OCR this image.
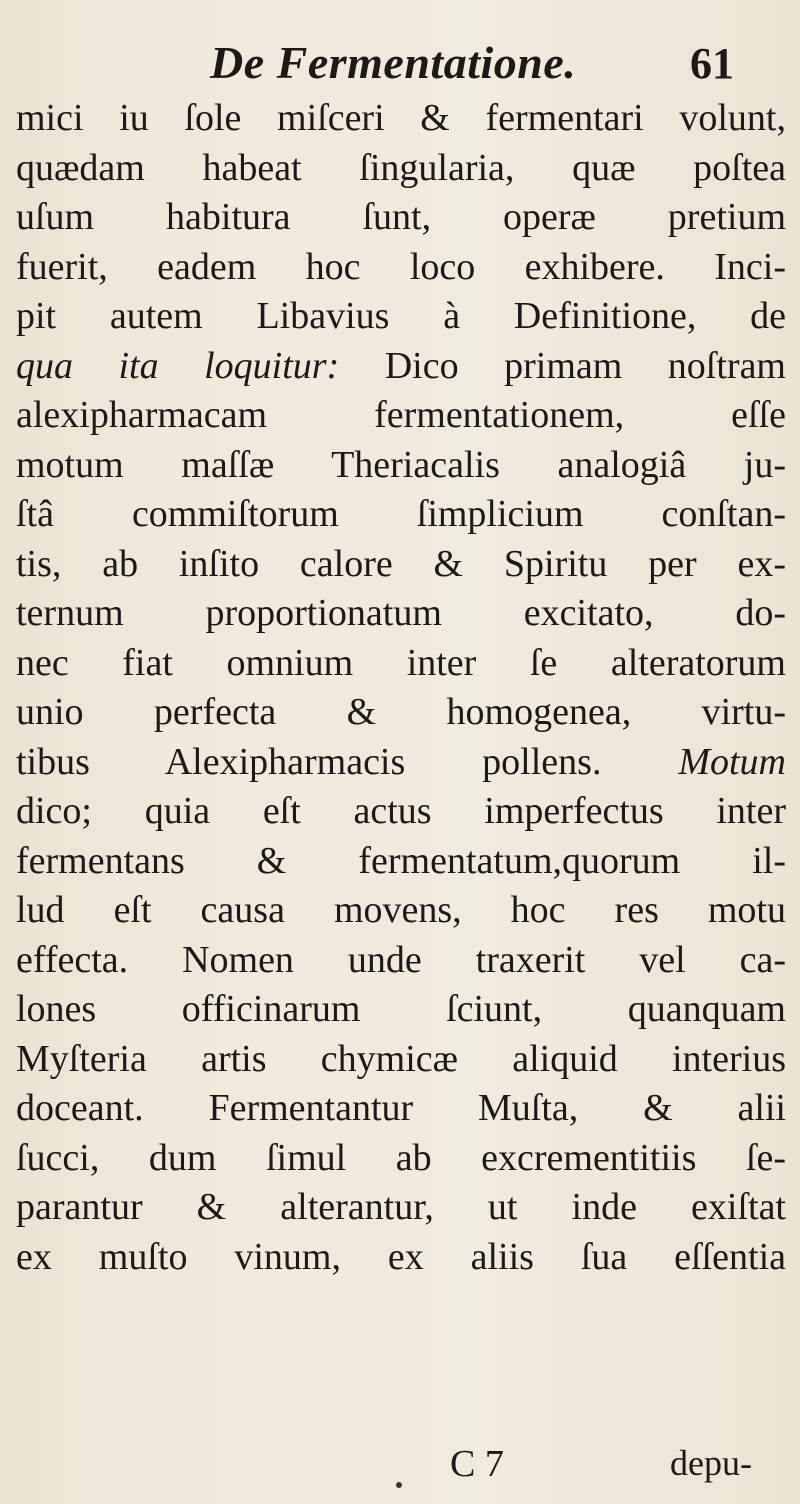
De Fermentatione.	61
mici iu ſole miſceri & fermentari volunt,
quædam habeat ſingularia, quæ poſtea
uſum habitura ſunt, operæ pretium
fuerit, eadem hoc loco exhibere. Inci-
pit autem Libavius à Definitione, de
qua ita loquitur: Dico primam noſtram
alexipharmacam fermentationem, eſſe
motum maſſæ Theriacalis analogiâ ju-
ſtâ commiſtorum ſimplicium conſtan-
tis, ab inſito calore & Spiritu per ex-
ternum proportionatum excitato, do-
nec fiat omnium inter ſe alteratorum
unio perfecta & homogenea, virtu-
tibus Alexipharmacis pollens. Motum
dico; quia eſt actus imperfectus inter
fermentans & fermentatum,quorum il-
lud eſt causa movens, hoc res motu
effecta. Nomen unde traxerit vel ca-
lones officinarum ſciunt, quanquam
Myſteria artis chymicæ aliquid interius
doceant. Fermentantur Muſta, & alii
ſucci, dum ſimul ab excrementitiis ſe-
parantur & alterantur, ut inde exiſtat
ex muſto vinum, ex aliis ſua eſſentia
C 7	depu-
